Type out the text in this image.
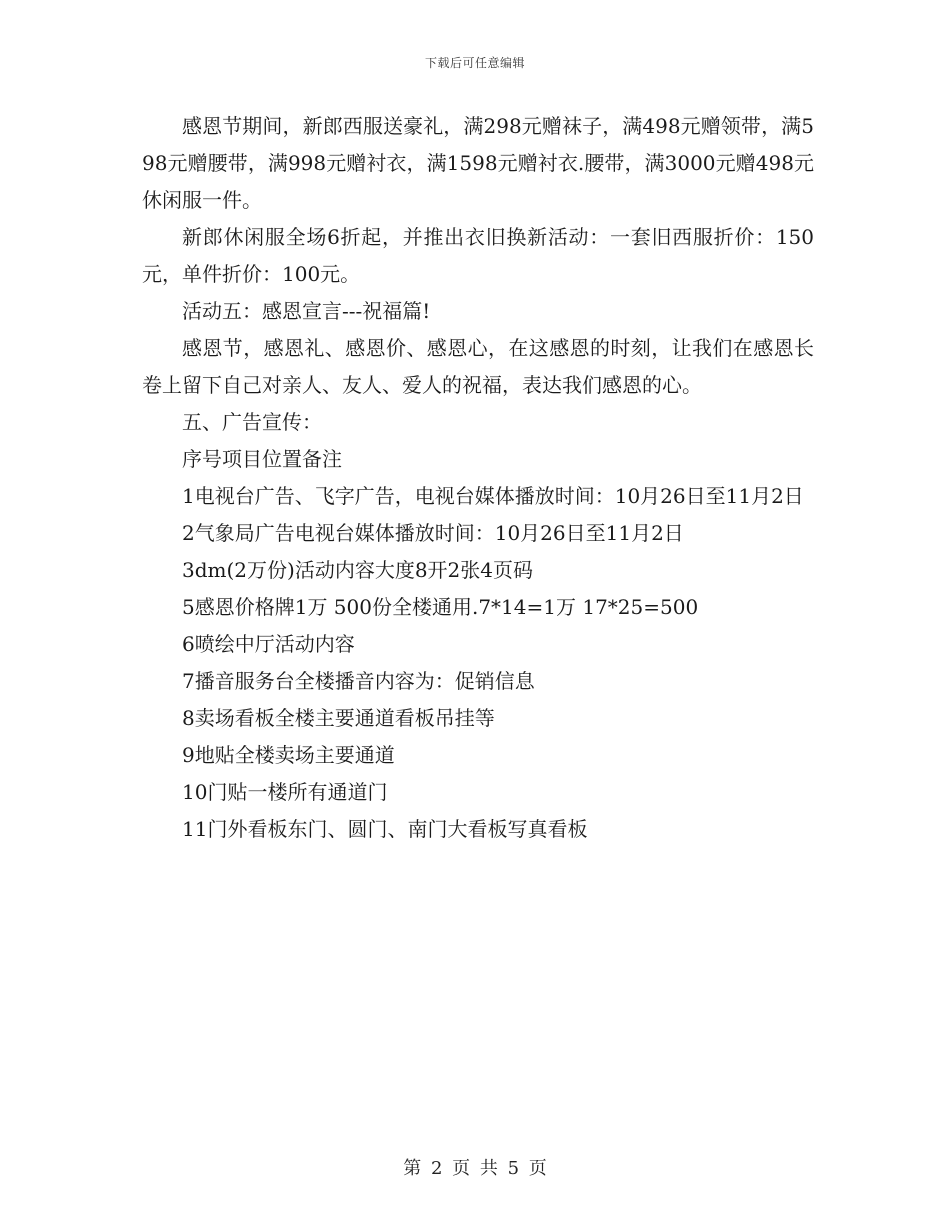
下载后可任意编辑

感恩节期间，新郎西服送豪礼，满298元赠袜子，满498元赠领带，满598元赠腰带，满998元赠衬衣，满1598元赠衬衣.腰带，满3000元赠498元休闲服一件。

新郎休闲服全场6折起，并推出衣旧换新活动：一套旧西服折价：150元，单件折价：100元。

活动五：感恩宣言---祝福篇!

感恩节，感恩礼、感恩价、感恩心，在这感恩的时刻，让我们在感恩长卷上留下自己对亲人、友人、爱人的祝福，表达我们感恩的心。

五、广告宣传：

序号项目位置备注

1电视台广告、飞字广告，电视台媒体播放时间：10月26日至11月2日

2气象局广告电视台媒体播放时间：10月26日至11月2日

3dm(2万份)活动内容大度8开2张4页码

5感恩价格牌1万 500份全楼通用.7*14=1万 17*25=500

6喷绘中厅活动内容

7播音服务台全楼播音内容为：促销信息

8卖场看板全楼主要通道看板吊挂等

9地贴全楼卖场主要通道

10门贴一楼所有通道门

11门外看板东门、圆门、南门大看板写真看板

第 2 页 共 5 页
